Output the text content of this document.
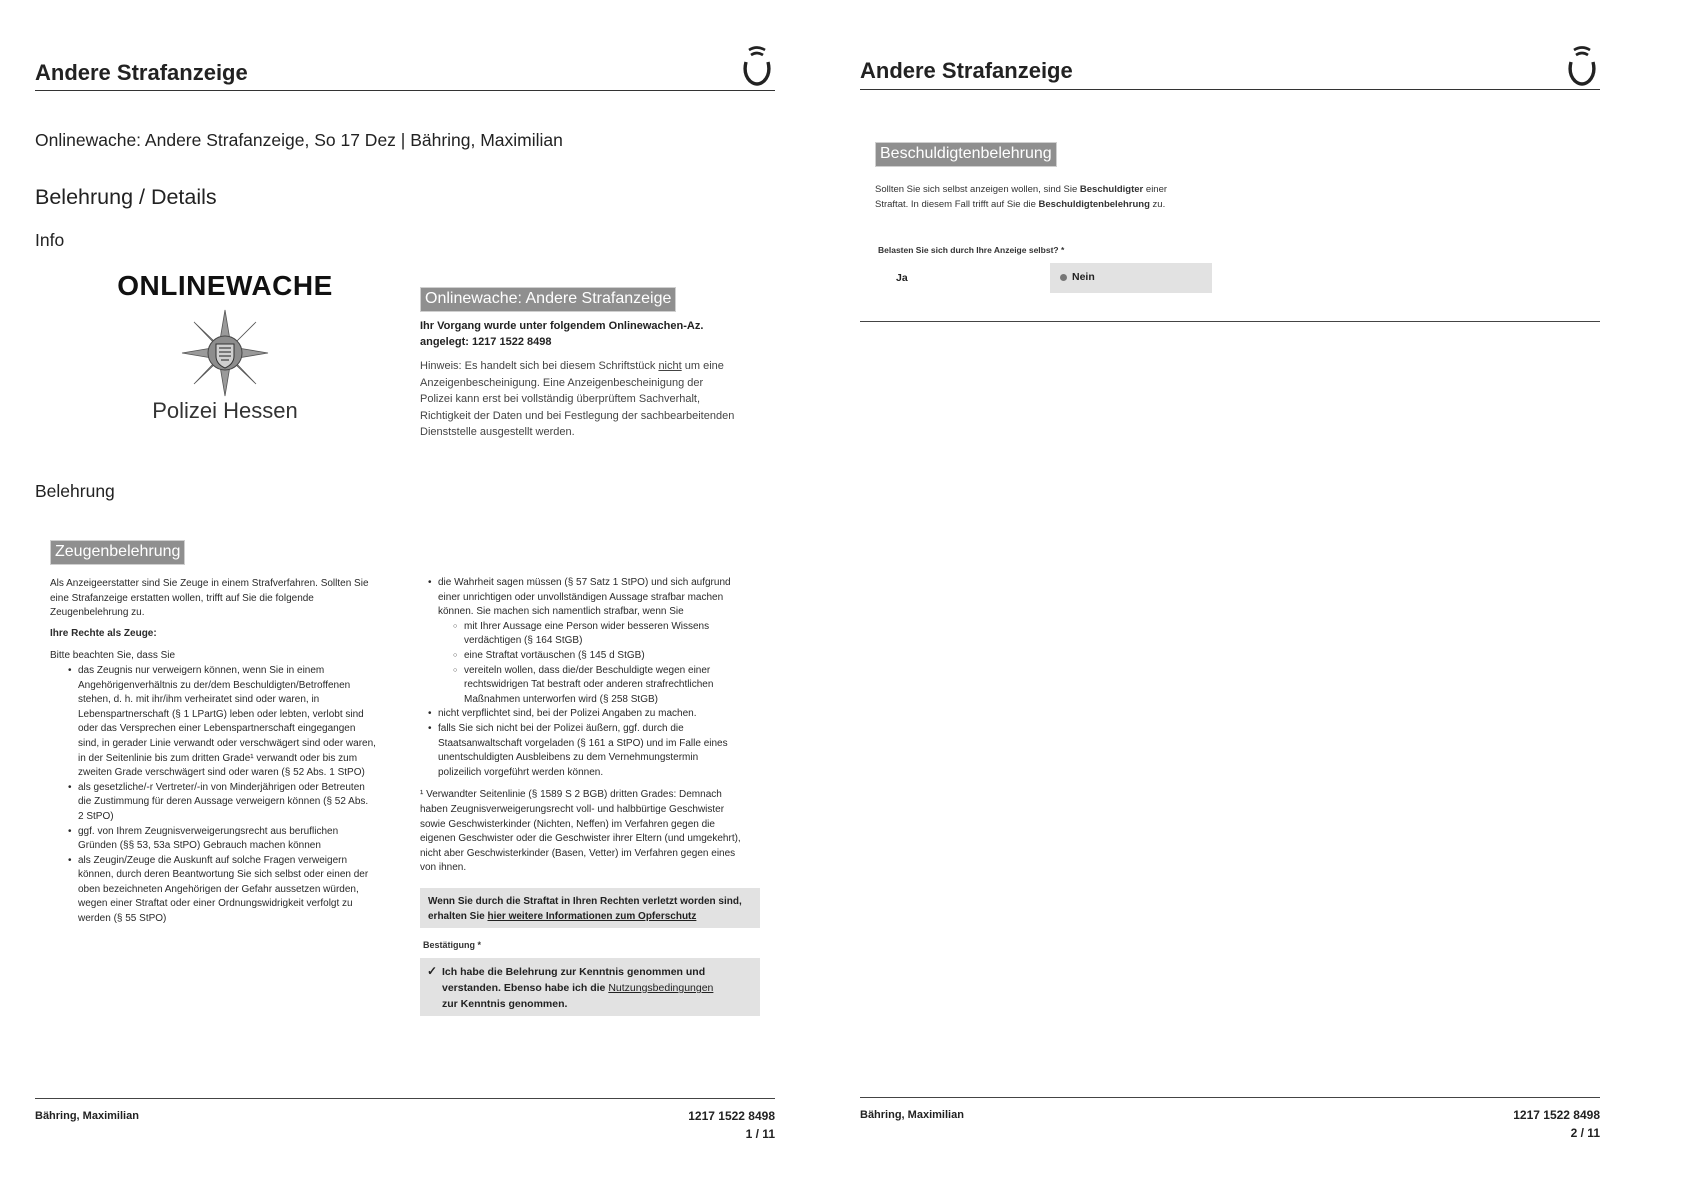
Andere Strafanzeige
Onlinewache: Andere Strafanzeige, So 17 Dez | Bähring, Maximilian
Belehrung / Details
Info
ONLINEWACHE
Polizei Hessen
Onlinewache: Andere Strafanzeige
Ihr Vorgang wurde unter folgendem Onlinewachen-Az.
angelegt: 1217 1522 8498
Hinweis: Es handelt sich bei diesem Schriftstück nicht um eine
Anzeigenbescheinigung. Eine Anzeigenbescheinigung der
Polizei kann erst bei vollständig überprüftem Sachverhalt,
Richtigkeit der Daten und bei Festlegung der sachbearbeitenden
Dienststelle ausgestellt werden.
Belehrung
Zeugenbelehrung
Als Anzeigeerstatter sind Sie Zeuge in einem Strafverfahren. Sollten Sie
eine Strafanzeige erstatten wollen, trifft auf Sie die folgende
Zeugenbelehrung zu.
Ihre Rechte als Zeuge:
Bitte beachten Sie, dass Sie
• das Zeugnis nur verweigern können, wenn Sie in einem
Angehörigenverhältnis zu der/dem Beschuldigten/Betroffenen
stehen, d. h. mit ihr/ihm verheiratet sind oder waren, in
Lebenspartnerschaft (§ 1 LPartG) leben oder lebten, verlobt sind
oder das Versprechen einer Lebenspartnerschaft eingegangen
sind, in gerader Linie verwandt oder verschwägert sind oder waren,
in der Seitenlinie bis zum dritten Grade¹ verwandt oder bis zum
zweiten Grade verschwägert sind oder waren (§ 52 Abs. 1 StPO)
• als gesetzliche/-r Vertreter/-in von Minderjährigen oder Betreuten
die Zustimmung für deren Aussage verweigern können (§ 52 Abs.
2 StPO)
• ggf. von Ihrem Zeugnisverweigerungsrecht aus beruflichen
Gründen (§§ 53, 53a StPO) Gebrauch machen können
• als Zeugin/Zeuge die Auskunft auf solche Fragen verweigern
können, durch deren Beantwortung Sie sich selbst oder einen der
oben bezeichneten Angehörigen der Gefahr aussetzen würden,
wegen einer Straftat oder einer Ordnungswidrigkeit verfolgt zu
werden (§ 55 StPO)
• die Wahrheit sagen müssen (§ 57 Satz 1 StPO) und sich aufgrund
einer unrichtigen oder unvollständigen Aussage strafbar machen
können. Sie machen sich namentlich strafbar, wenn Sie
○ mit Ihrer Aussage eine Person wider besseren Wissens
verdächtigen (§ 164 StGB)
○ eine Straftat vortäuschen (§ 145 d StGB)
○ vereiteln wollen, dass die/der Beschuldigte wegen einer
rechtswidrigen Tat bestraft oder anderen strafrechtlichen
Maßnahmen unterworfen wird (§ 258 StGB)
• nicht verpflichtet sind, bei der Polizei Angaben zu machen.
• falls Sie sich nicht bei der Polizei äußern, ggf. durch die
Staatsanwaltschaft vorgeladen (§ 161 a StPO) und im Falle eines
unentschuldigten Ausbleibens zu dem Vernehmungstermin
polizeilich vorgeführt werden können.
¹ Verwandter Seitenlinie (§ 1589 S 2 BGB) dritten Grades: Demnach
haben Zeugnisverweigerungsrecht voll- und halbbürtige Geschwister
sowie Geschwisterkinder (Nichten, Neffen) im Verfahren gegen die
eigenen Geschwister oder die Geschwister ihrer Eltern (und umgekehrt),
nicht aber Geschwisterkinder (Basen, Vetter) im Verfahren gegen eines
von ihnen.
Wenn Sie durch die Straftat in Ihren Rechten verletzt worden sind,
erhalten Sie hier weitere Informationen zum Opferschutz
Bestätigung *
✓ Ich habe die Belehrung zur Kenntnis genommen und
verstanden. Ebenso habe ich die Nutzungsbedingungen
zur Kenntnis genommen.
Bähring, Maximilian	1217 1522 8498
1 / 11
Andere Strafanzeige
Beschuldigtenbelehrung
Sollten Sie sich selbst anzeigen wollen, sind Sie Beschuldigter einer
Straftat. In diesem Fall trifft auf Sie die Beschuldigtenbelehrung zu.
Belasten Sie sich durch Ihre Anzeige selbst? *
Ja	Nein
Bähring, Maximilian	1217 1522 8498
2 / 11
